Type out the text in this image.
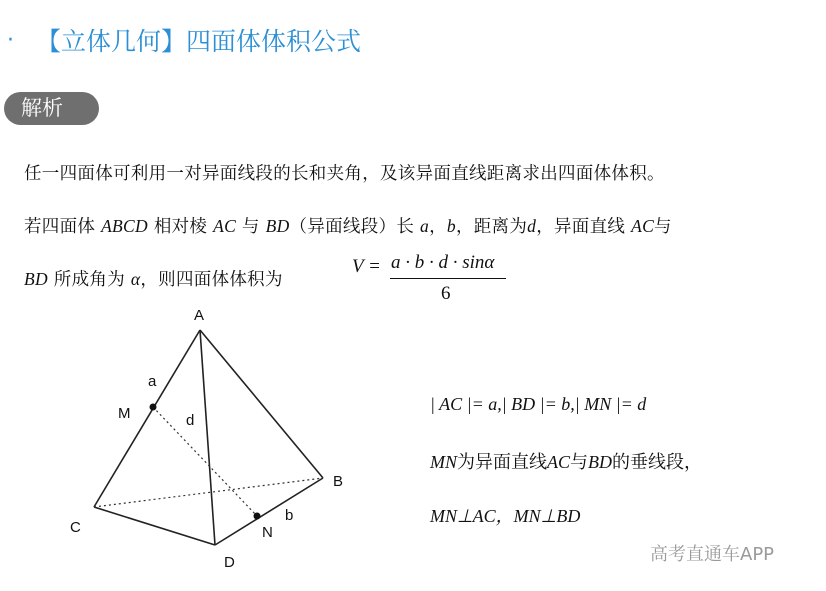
· 【立体几何】四面体体积公式
解析
任一四面体可利用一对异面线段的长和夹角，及该异面直线距离求出四面体体积。
若四面体 ABCD 相对棱 AC 与 BD（异面线段）长 a，b，距离为d，异面直线 AC与
BD 所成角为 α，则四面体体积为
V = a · b · d · sinα
6
A
B
C
D
M
N
a
b
d
| AC |= a,| BD |= b,| MN |= d
MN为异面直线AC与BD的垂线段，
MN⊥AC，MN⊥BD
高考直通车APP
